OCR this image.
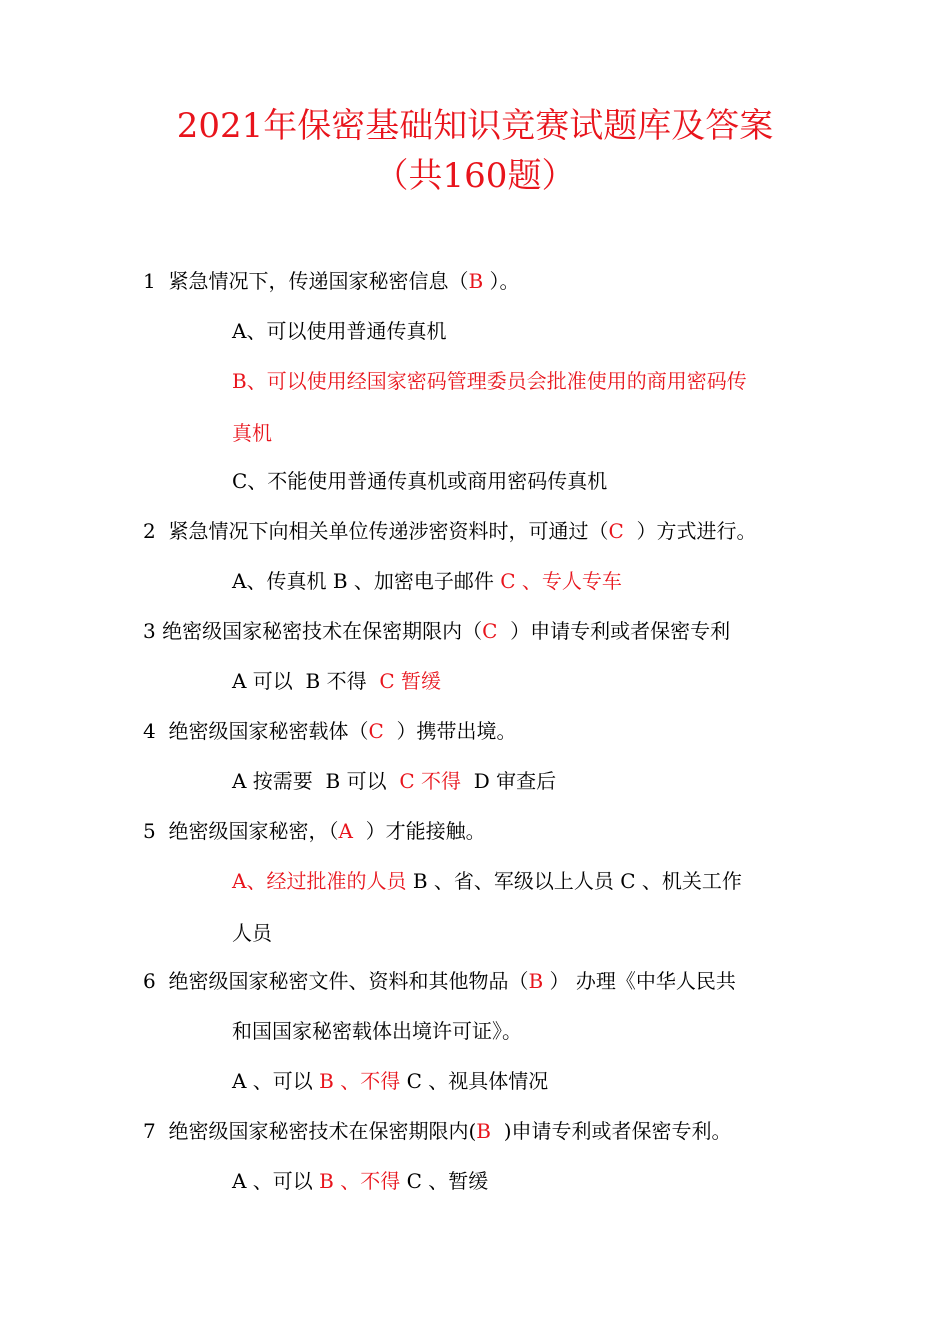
2021年保密基础知识竞赛试题库及答案
（共160题）
1 紧急情况下，传递国家秘密信息（B ）。
A、可以使用普通传真机
B、可以使用经国家密码管理委员会批准使用的商用密码传
真机
C、不能使用普通传真机或商用密码传真机
2 紧急情况下向相关单位传递涉密资料时，可通过（C ）方式进行。
A、传真机 B 、加密电子邮件 C 、专人专车
3 绝密级国家秘密技术在保密期限内（C ）申请专利或者保密专利
A 可以 B 不得 C 暂缓
4 绝密级国家秘密载体（C ）携带出境。
A 按需要 B 可以 C 不得 D 审查后
5 绝密级国家秘密，（A ）才能接触。
A、经过批准的人员 B 、省、军级以上人员 C 、机关工作
人员
6 绝密级国家秘密文件、资料和其他物品（B ） 办理《中华人民共
和国国家秘密载体出境许可证》。
A 、可以 B 、不得 C 、视具体情况
7 绝密级国家秘密技术在保密期限内(B )申请专利或者保密专利。
A 、可以 B 、不得 C 、暂缓
